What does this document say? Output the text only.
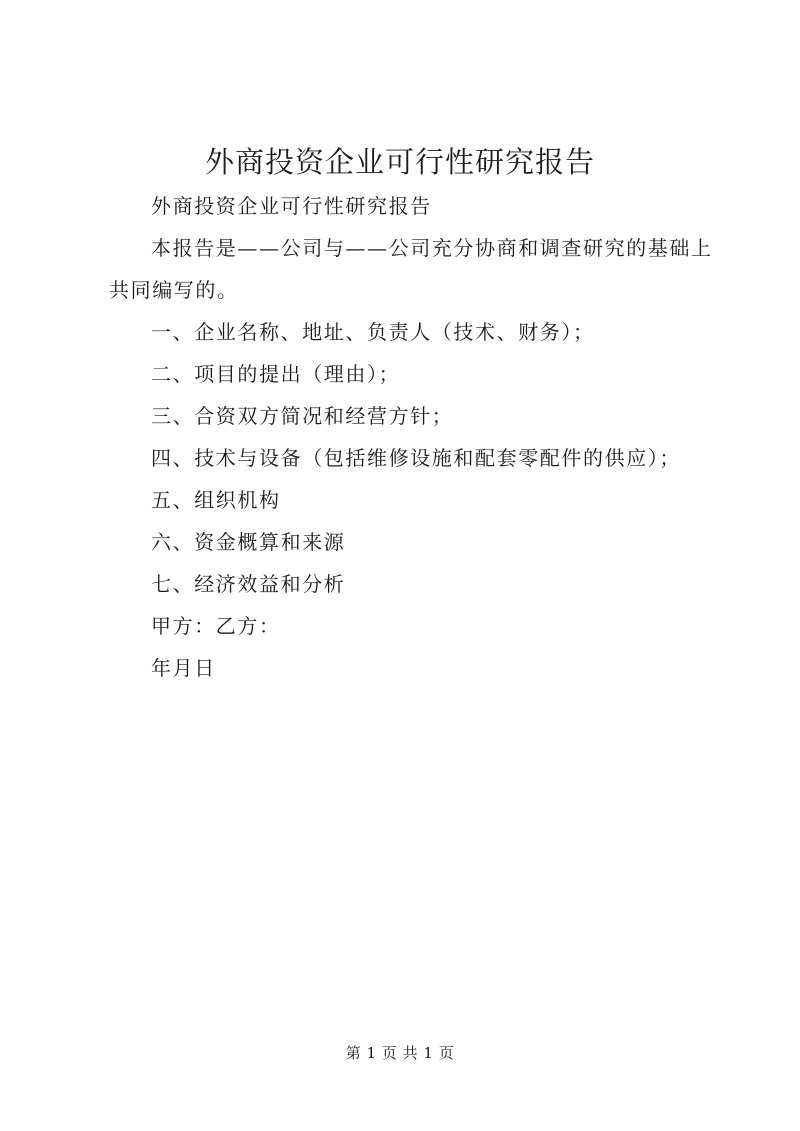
外商投资企业可行性研究报告

外商投资企业可行性研究报告

本报告是——公司与——公司充分协商和调查研究的基础上共同编写的。

一、企业名称、地址、负责人（技术、财务）；

二、项目的提出（理由）；

三、合资双方简况和经营方针；

四、技术与设备（包括维修设施和配套零配件的供应）；

五、组织机构

六、资金概算和来源

七、经济效益和分析

甲方：乙方：

年月日

第 1 页 共 1 页
